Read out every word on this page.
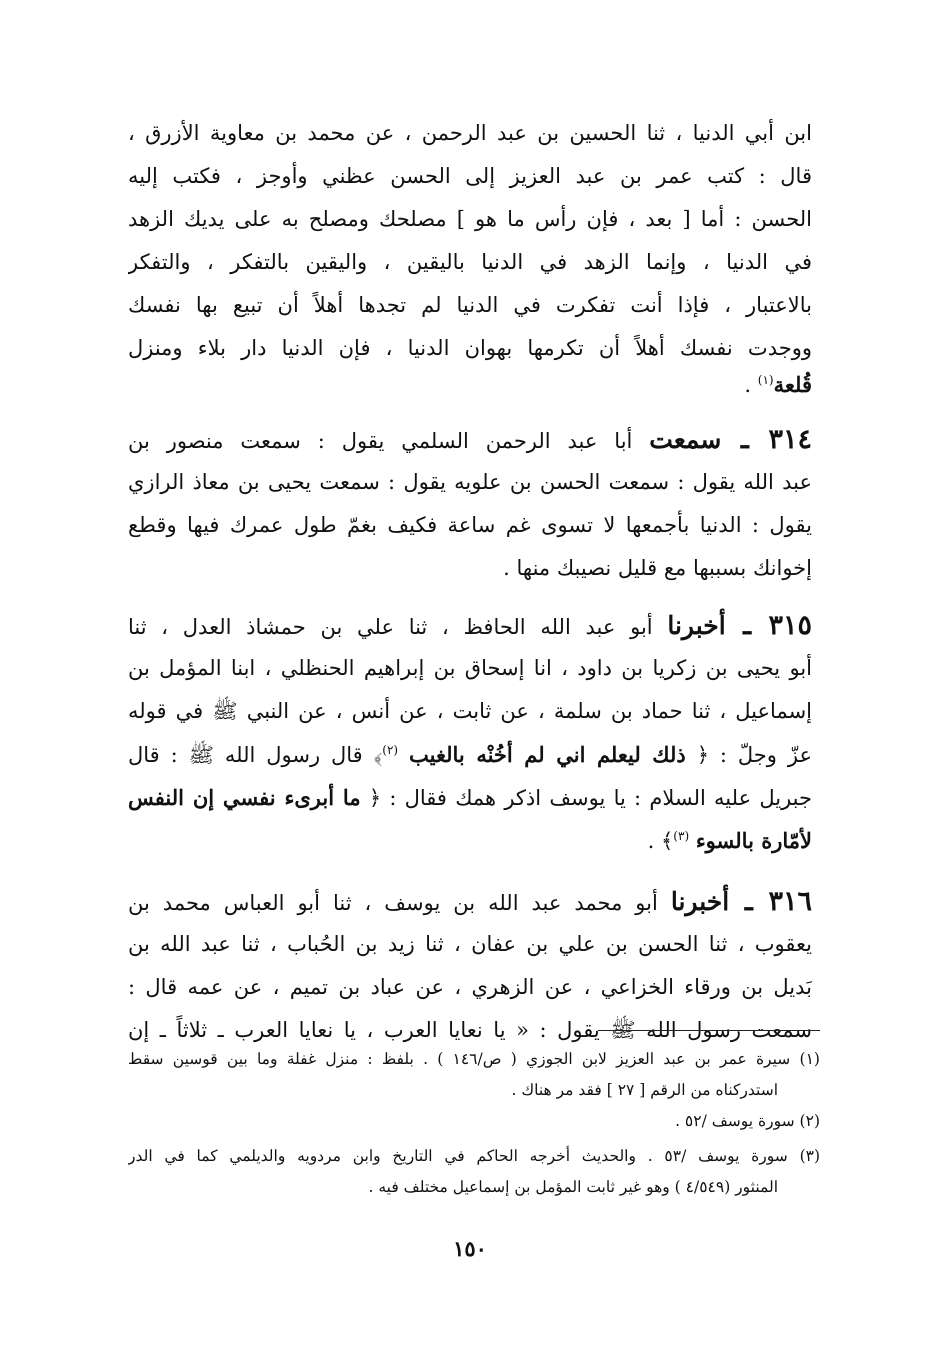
ابن أبي الدنيا ، ثنا الحسين بن عبد الرحمن ، عن محمد بن معاوية الأزرق ،
قال : كتب عمر بن عبد العزيز إلى الحسن عظني وأوجز ، فكتب إليه
الحسن : أما [ بعد ، فإن رأس ما هو ] مصلحك ومصلح به على يديك الزهد
في الدنيا ، وإنما الزهد في الدنيا باليقين ، واليقين بالتفكر ، والتفكر
بالاعتبار ، فإذا أنت تفكرت في الدنيا لم تجدها أهلاً أن تبيع بها نفسك
ووجدت نفسك أهلاً أن تكرمها بهوان الدنيا ، فإن الدنيا دار بلاء ومنزل
قُلعة$^{(١)}$ .
٣١٤ ـ سمعت أبا عبد الرحمن السلمي يقول : سمعت منصور بن
عبد الله يقول : سمعت الحسن بن علويه يقول : سمعت يحيى بن معاذ الرازي
يقول : الدنيا بأجمعها لا تسوى غم ساعة فكيف بغمّ طول عمرك فيها وقطع
إخوانك بسببها مع قليل نصيبك منها .
٣١٥ ـ أخبرنا أبو عبد الله الحافظ ، ثنا علي بن حمشاذ العدل ، ثنا
أبو يحيى بن زكريا بن داود ، انا إسحاق بن إبراهيم الحنظلي ، ابنا المؤمل بن
إسماعيل ، ثنا حماد بن سلمة ، عن ثابت ، عن أنس ، عن النبي ﷺ في قوله
عزّ وجلّ : ﴿ ذلك ليعلم اني لم أخُنْه بالغيب $^{(٢)}$﴾ قال رسول الله ﷺ : قال
جبريل عليه السلام : يا يوسف اذكر همك فقال : ﴿ ما أبرىء نفسي إن النفس
لأمّارة بالسوء $^{(٣)}$﴾ .
٣١٦ ـ أخبرنا أبو محمد عبد الله بن يوسف ، ثنا أبو العباس محمد بن
يعقوب ، ثنا الحسن بن علي بن عفان ، ثنا زيد بن الحُباب ، ثنا عبد الله بن
بَديل بن ورقاء الخزاعي ، عن الزهري ، عن عباد بن تميم ، عن عمه قال :
سمعت رسول الله ﷺ يقول : « يا نعايا العرب ، يا نعايا العرب ـ ثلاثاً ـ إن
(١) سيرة عمر بن عبد العزيز لابن الجوزي ( ص/١٤٦ ) . بلفظ : منزل غفلة وما بين قوسين سقط
استدركناه من الرقم [ ٢٧ ] فقد مر هناك .
(٢) سورة يوسف /٥٢ .
(٣) سورة يوسف /٥٣ . والحديث أخرجه الحاكم في التاريخ وابن مردويه والديلمي كما في الدر
المنثور (٤/٥٤٩ ) وهو غير ثابت المؤمل بن إسماعيل مختلف فيه .
١٥٠
